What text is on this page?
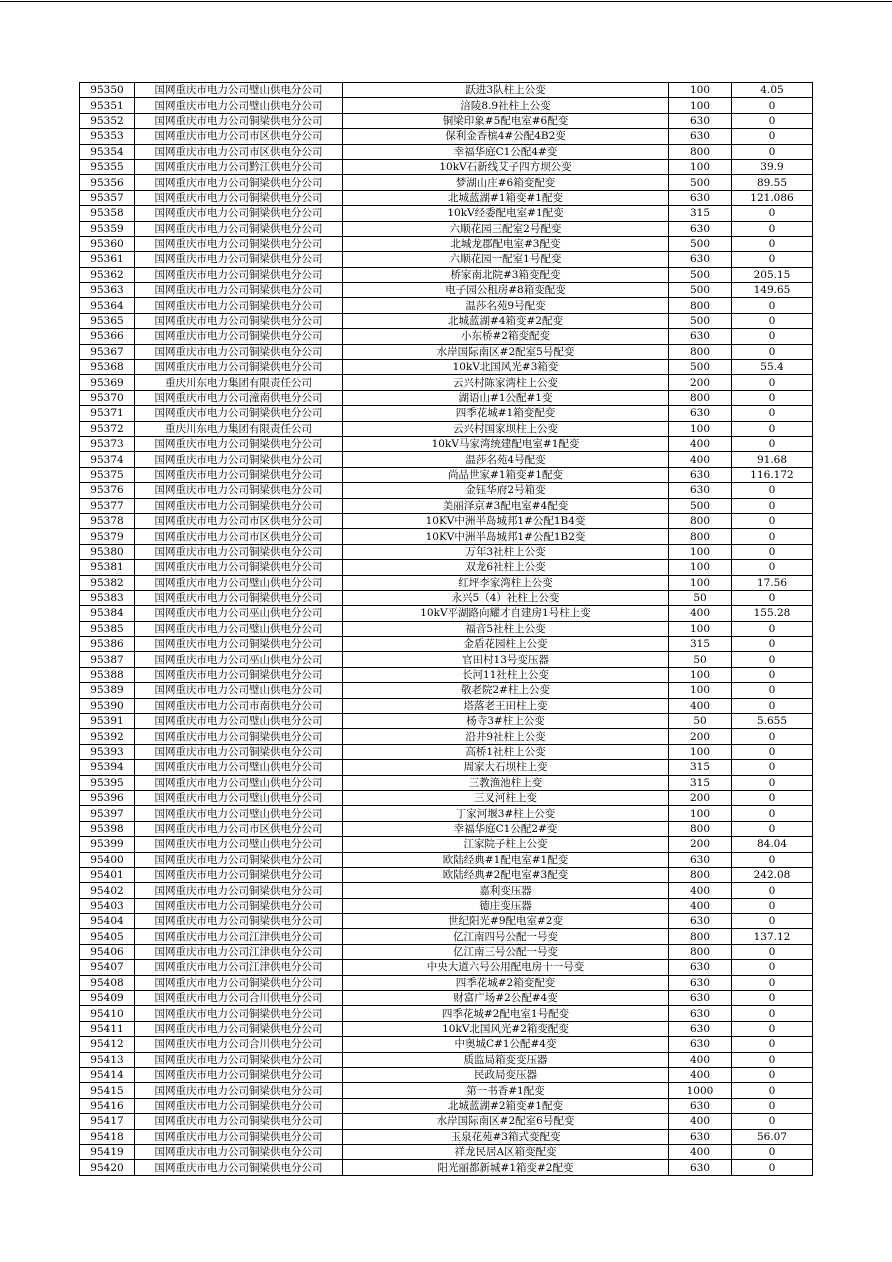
95350	国网重庆市电力公司璧山供电分公司	跃进3队柱上公变	100	4.05
95351	国网重庆市电力公司璧山供电分公司	涪陵8.9社柱上公变	100	0
95352	国网重庆市电力公司铜梁供电分公司	铜梁印象#5配电室#6配变	630	0
95353	国网重庆市电力公司市区供电分公司	保利金香槟4#公配4B2变	630	0
95354	国网重庆市电力公司市区供电分公司	幸福华庭C1公配4#变	800	0
95355	国网重庆市电力公司黔江供电分公司	10kV石新线艾子四方坝公变	100	39.9
95356	国网重庆市电力公司铜梁供电分公司	梦湖山庄#6箱变配变	500	89.55
95357	国网重庆市电力公司铜梁供电分公司	北城蓝湖#1箱变#1配变	630	121.086
95358	国网重庆市电力公司铜梁供电分公司	10kV经委配电室#1配变	315	0
95359	国网重庆市电力公司铜梁供电分公司	六顺花园三配室2号配变	630	0
95360	国网重庆市电力公司铜梁供电分公司	北城龙郡配电室#3配变	500	0
95361	国网重庆市电力公司铜梁供电分公司	六顺花园一配室1号配变	630	0
95362	国网重庆市电力公司铜梁供电分公司	桥家南北院#3箱变配变	500	205.15
95363	国网重庆市电力公司铜梁供电分公司	电子园公租房#8箱变配变	500	149.65
95364	国网重庆市电力公司铜梁供电分公司	温莎名苑9号配变	800	0
95365	国网重庆市电力公司铜梁供电分公司	北城蓝湖#4箱变#2配变	500	0
95366	国网重庆市电力公司铜梁供电分公司	小东桥#2箱变配变	630	0
95367	国网重庆市电力公司铜梁供电分公司	水岸国际南区#2配室5号配变	800	0
95368	国网重庆市电力公司铜梁供电分公司	10kV北国风光#3箱变	500	55.4
95369	重庆川东电力集团有限责任公司	云兴村陈家湾柱上公变	200	0
95370	国网重庆市电力公司潼南供电分公司	湖语山#1公配#1变	800	0
95371	国网重庆市电力公司铜梁供电分公司	四季花城#1箱变配变	630	0
95372	重庆川东电力集团有限责任公司	云兴村国家坝柱上公变	100	0
95373	国网重庆市电力公司铜梁供电分公司	10kV马家湾统建配电室#1配变	400	0
95374	国网重庆市电力公司铜梁供电分公司	温莎名苑4号配变	400	91.68
95375	国网重庆市电力公司铜梁供电分公司	尚品世家#1箱变#1配变	630	116.172
95376	国网重庆市电力公司铜梁供电分公司	金钰华府2号箱变	630	0
95377	国网重庆市电力公司铜梁供电分公司	美丽泽京#3配电室#4配变	500	0
95378	国网重庆市电力公司市区供电分公司	10KV中洲半岛城邦1#公配1B4变	800	0
95379	国网重庆市电力公司市区供电分公司	10KV中洲半岛城邦1#公配1B2变	800	0
95380	国网重庆市电力公司铜梁供电分公司	万年3社柱上公变	100	0
95381	国网重庆市电力公司铜梁供电分公司	双龙6社柱上公变	100	0
95382	国网重庆市电力公司璧山供电分公司	红坪李家湾柱上公变	100	17.56
95383	国网重庆市电力公司铜梁供电分公司	永兴5（4）社柱上公变	50	0
95384	国网重庆市电力公司巫山供电分公司	10kV平湖路向耀才自建房1号柱上变	400	155.28
95385	国网重庆市电力公司璧山供电分公司	福音5社柱上公变	100	0
95386	国网重庆市电力公司铜梁供电分公司	金盾花园柱上公变	315	0
95387	国网重庆市电力公司巫山供电分公司	官田村13号变压器	50	0
95388	国网重庆市电力公司铜梁供电分公司	长河11社柱上公变	100	0
95389	国网重庆市电力公司璧山供电分公司	敬老院2#柱上公变	100	0
95390	国网重庆市电力公司市南供电分公司	塔落老王田柱上变	400	0
95391	国网重庆市电力公司璧山供电分公司	杨寺3#柱上公变	50	5.655
95392	国网重庆市电力公司铜梁供电分公司	沿井9社柱上公变	200	0
95393	国网重庆市电力公司铜梁供电分公司	高桥1社柱上公变	100	0
95394	国网重庆市电力公司璧山供电分公司	周家大石坝柱上变	315	0
95395	国网重庆市电力公司璧山供电分公司	三教渔池柱上变	315	0
95396	国网重庆市电力公司璧山供电分公司	三叉河柱上变	200	0
95397	国网重庆市电力公司璧山供电分公司	丁家河堰3#柱上公变	100	0
95398	国网重庆市电力公司市区供电分公司	幸福华庭C1公配2#变	800	0
95399	国网重庆市电力公司璧山供电分公司	江家院子柱上公变	200	84.04
95400	国网重庆市电力公司铜梁供电分公司	欧陆经典#1配电室#1配变	630	0
95401	国网重庆市电力公司铜梁供电分公司	欧陆经典#2配电室#3配变	800	242.08
95402	国网重庆市电力公司铜梁供电分公司	嘉利变压器	400	0
95403	国网重庆市电力公司铜梁供电分公司	德庄变压器	400	0
95404	国网重庆市电力公司铜梁供电分公司	世纪阳光#9配电室#2变	630	0
95405	国网重庆市电力公司江津供电分公司	亿江南四号公配一号变	800	137.12
95406	国网重庆市电力公司江津供电分公司	亿江南三号公配一号变	800	0
95407	国网重庆市电力公司江津供电分公司	中央大道六号公用配电房十一号变	630	0
95408	国网重庆市电力公司铜梁供电分公司	四季花城#2箱变配变	630	0
95409	国网重庆市电力公司合川供电分公司	财富广场#2公配#4变	630	0
95410	国网重庆市电力公司铜梁供电分公司	四季花城#2配电室1号配变	630	0
95411	国网重庆市电力公司铜梁供电分公司	10kV北国风光#2箱变配变	630	0
95412	国网重庆市电力公司合川供电分公司	中奥城C#1公配#4变	630	0
95413	国网重庆市电力公司铜梁供电分公司	质监局箱变变压器	400	0
95414	国网重庆市电力公司铜梁供电分公司	民政局变压器	400	0
95415	国网重庆市电力公司铜梁供电分公司	第一书香#1配变	1000	0
95416	国网重庆市电力公司铜梁供电分公司	北城蓝湖#2箱变#1配变	630	0
95417	国网重庆市电力公司铜梁供电分公司	水岸国际南区#2配室6号配变	400	0
95418	国网重庆市电力公司铜梁供电分公司	玉泉花苑#3箱式变配变	630	56.07
95419	国网重庆市电力公司铜梁供电分公司	祥龙民居A区箱变配变	400	0
95420	国网重庆市电力公司铜梁供电分公司	阳光丽都新城#1箱变#2配变	630	0
